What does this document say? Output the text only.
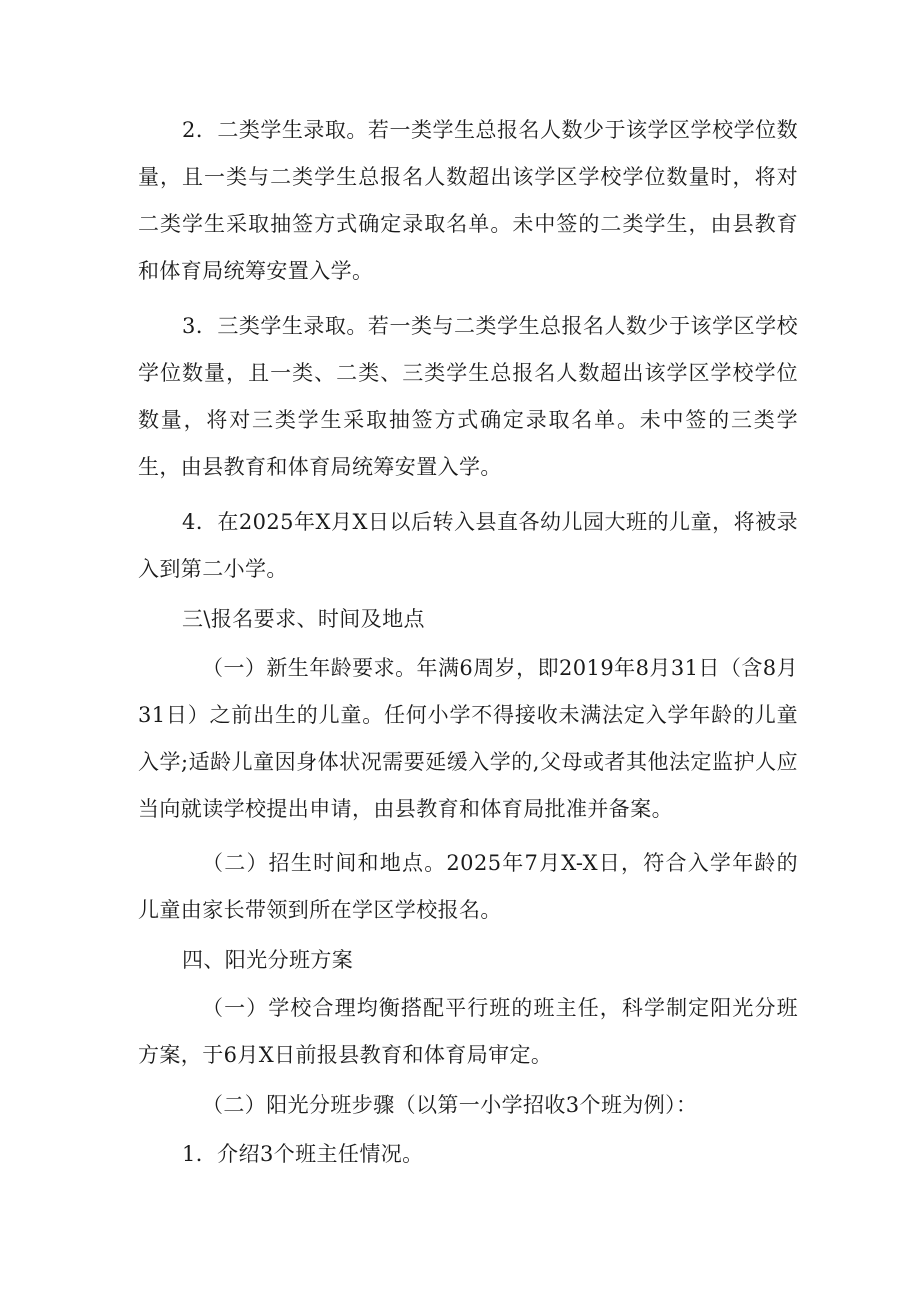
2．二类学生录取。若一类学生总报名人数少于该学区学校学位数量，且一类与二类学生总报名人数超出该学区学校学位数量时，将对二类学生采取抽签方式确定录取名单。未中签的二类学生，由县教育和体育局统筹安置入学。

3．三类学生录取。若一类与二类学生总报名人数少于该学区学校学位数量，且一类、二类、三类学生总报名人数超出该学区学校学位数量，将对三类学生采取抽签方式确定录取名单。未中签的三类学生，由县教育和体育局统筹安置入学。

4．在2025年X月X日以后转入县直各幼儿园大班的儿童，将被录入到第二小学。

三\报名要求、时间及地点

（一）新生年龄要求。年满6周岁，即2019年8月31日（含8月31日）之前出生的儿童。任何小学不得接收未满法定入学年龄的儿童入学;适龄儿童因身体状况需要延缓入学的,父母或者其他法定监护人应当向就读学校提出申请，由县教育和体育局批准并备案。

（二）招生时间和地点。2025年7月X-X日，符合入学年龄的儿童由家长带领到所在学区学校报名。

四、阳光分班方案

（一）学校合理均衡搭配平行班的班主任，科学制定阳光分班方案，于6月X日前报县教育和体育局审定。

（二）阳光分班步骤（以第一小学招收3个班为例）：

1．介绍3个班主任情况。
